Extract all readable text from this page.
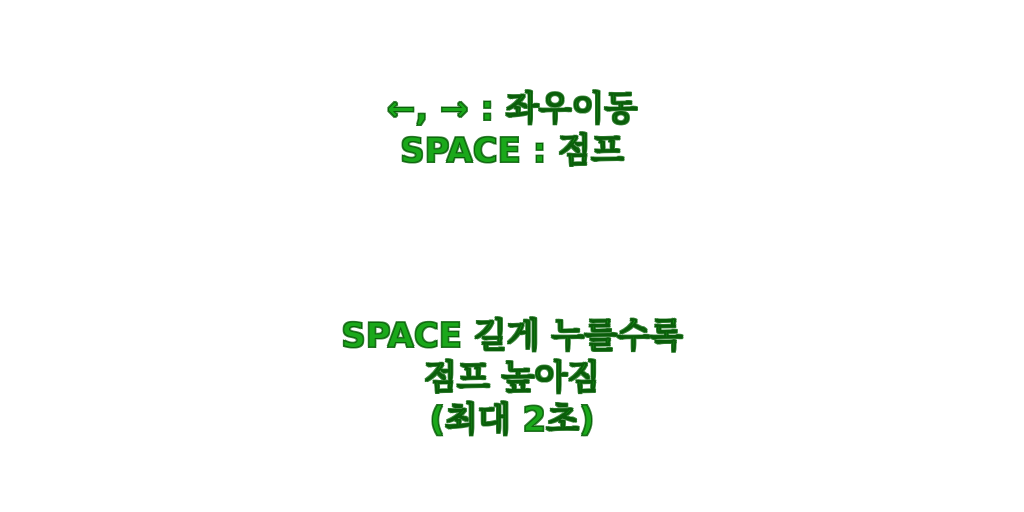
←, → : 좌우이동
SPACE : 점프
SPACE 길게 누를수록
점프 높아짐
(최대 2초)
